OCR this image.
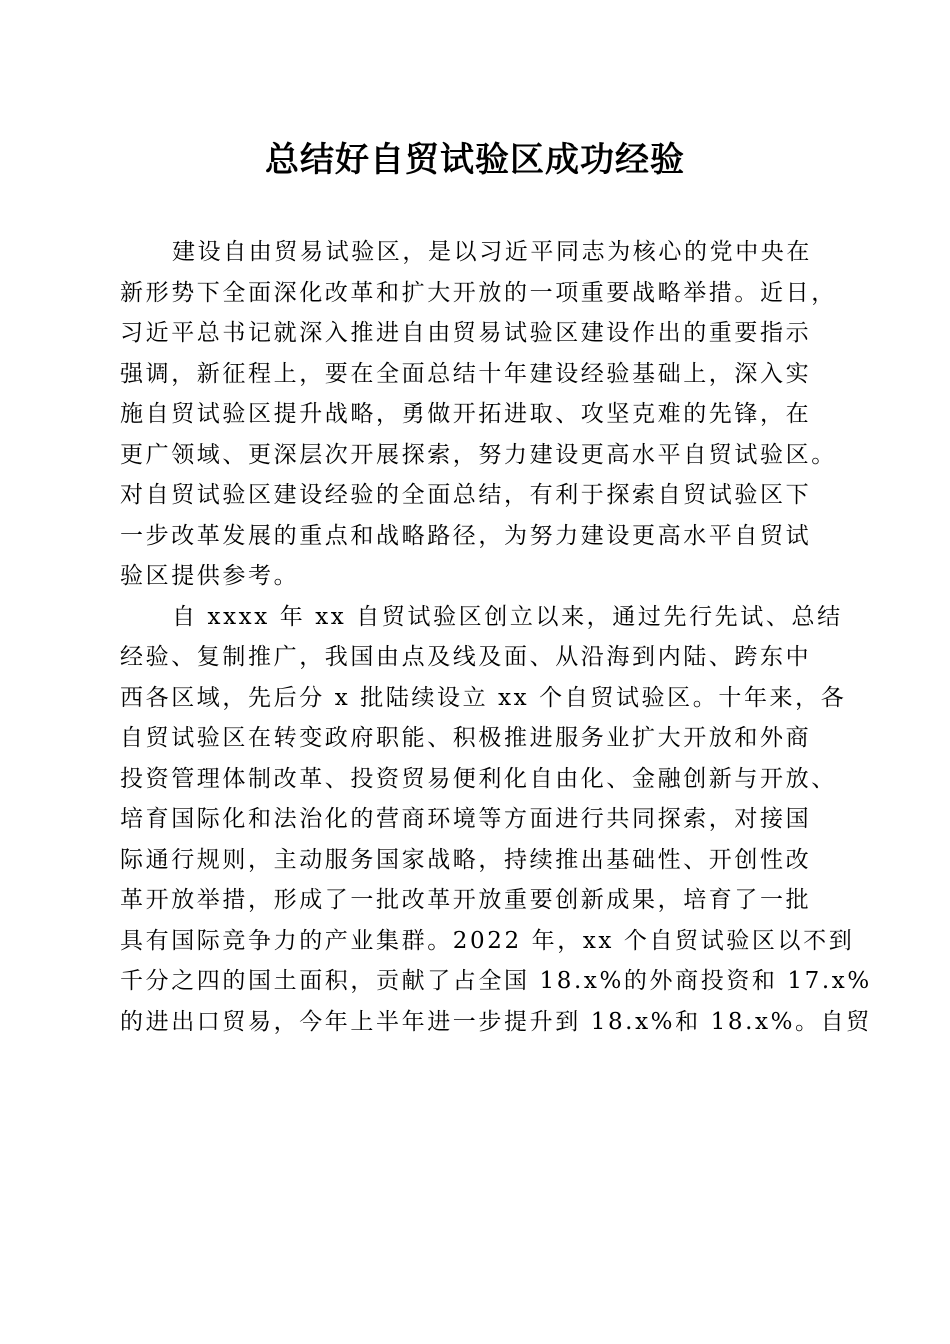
总结好自贸试验区成功经验
建设自由贸易试验区，是以习近平同志为核心的党中央在
新形势下全面深化改革和扩大开放的一项重要战略举措。近日，
习近平总书记就深入推进自由贸易试验区建设作出的重要指示
强调，新征程上，要在全面总结十年建设经验基础上，深入实
施自贸试验区提升战略，勇做开拓进取、攻坚克难的先锋，在
更广领域、更深层次开展探索，努力建设更高水平自贸试验区。
对自贸试验区建设经验的全面总结，有利于探索自贸试验区下
一步改革发展的重点和战略路径，为努力建设更高水平自贸试
验区提供参考。
自 xxxx 年 xx 自贸试验区创立以来，通过先行先试、总结
经验、复制推广，我国由点及线及面、从沿海到内陆、跨东中
西各区域，先后分 x 批陆续设立 xx 个自贸试验区。十年来，各
自贸试验区在转变政府职能、积极推进服务业扩大开放和外商
投资管理体制改革、投资贸易便利化自由化、金融创新与开放、
培育国际化和法治化的营商环境等方面进行共同探索，对接国
际通行规则，主动服务国家战略，持续推出基础性、开创性改
革开放举措，形成了一批改革开放重要创新成果，培育了一批
具有国际竞争力的产业集群。2022 年，xx 个自贸试验区以不到
千分之四的国土面积，贡献了占全国 18.x%的外商投资和 17.x%
的进出口贸易，今年上半年进一步提升到 18.x%和 18.x%。自贸
